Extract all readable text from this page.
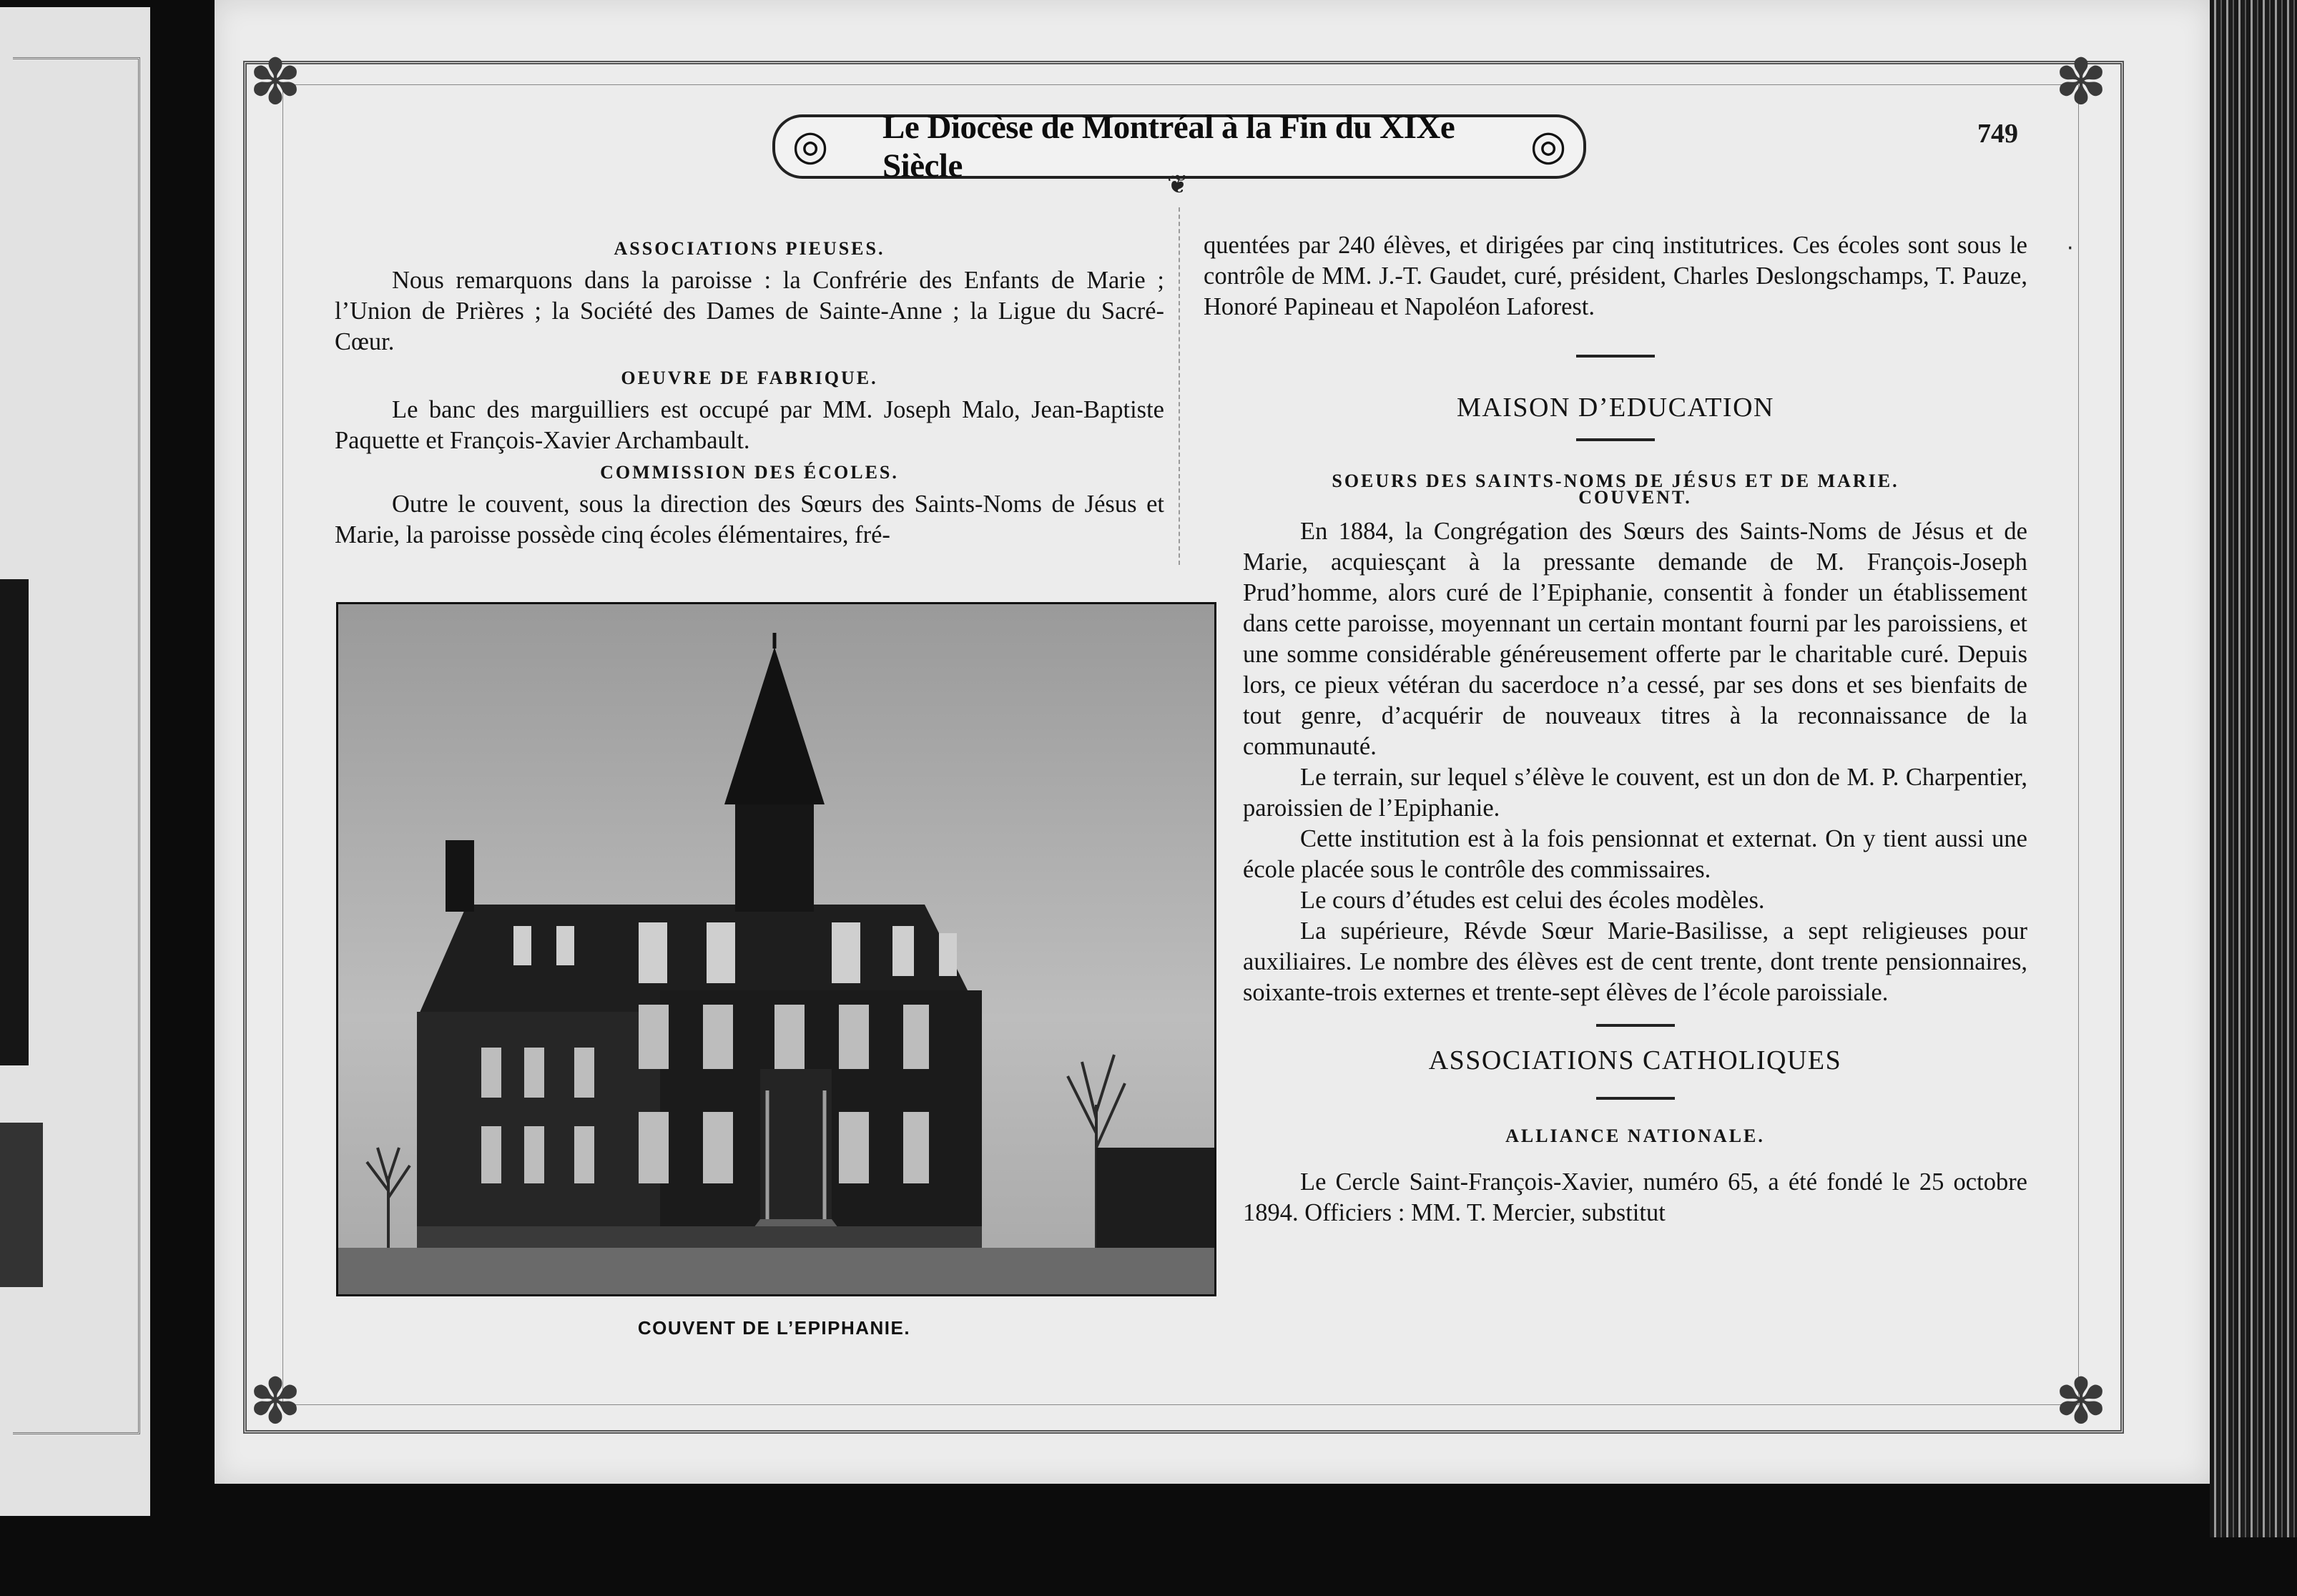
✽	✽
✽	✽
◎ Le Diocèse de Montréal à la Fin du XIXe Siècle	◎
❦
749

ASSOCIATIONS PIEUSES.

Nous remarquons dans la paroisse : la Confrérie des Enfants de Marie ; l’Union de Prières ; la Société des Dames de Sainte-Anne ; la Ligue du Sacré-Cœur.

OEUVRE DE FABRIQUE.

Le banc des marguilliers est occupé par MM. Joseph Malo, Jean-Baptiste Paquette et François-Xavier Archambault.

COMMISSION DES ÉCOLES.

Outre le couvent, sous la direction des Sœurs des Saints-Noms de Jésus et Marie, la paroisse possède cinq écoles élémentaires, fré-

quentées par 240 élèves, et dirigées par cinq institutrices. Ces écoles sont sous le contrôle de MM. J.-T. Gaudet, curé, président, Charles Deslongschamps, T. Pauze, Honoré Papineau et Napoléon Laforest.

MAISON D’EDUCATION

SOEURS DES SAINTS-NOMS DE JÉSUS ET DE MARIE.

COUVENT.

En 1884, la Congrégation des Sœurs des Saints-Noms de Jésus et de Marie, acquiesçant à la pressante demande de M. François-Joseph Prud’homme, alors curé de l’Epiphanie, consentit à fonder un établissement dans cette paroisse, moyennant un certain montant fourni par les paroissiens, et une somme considérable généreusement offerte par le charitable curé. Depuis lors, ce pieux vétéran du sacerdoce n’a cessé, par ses dons et ses bienfaits de tout genre, d’acquérir de nouveaux titres à la reconnaissance de la communauté.

Le terrain, sur lequel s’élève le couvent, est un don de M. P. Charpentier, paroissien de l’Epiphanie.

Cette institution est à la fois pensionnat et externat. On y tient aussi une école placée sous le contrôle des commissaires.

Le cours d’études est celui des écoles modèles.

La supérieure, Révde Sœur Marie-Basilisse, a sept religieuses pour auxiliaires. Le nombre des élèves est de cent trente, dont trente pensionnaires, soixante-trois externes et trente-sept élèves de l’école paroissiale.

ASSOCIATIONS CATHOLIQUES

ALLIANCE NATIONALE.

Le Cercle Saint-François-Xavier, numéro 65, a été fondé le 25 octobre 1894. Officiers : MM. T. Mercier, substitut

COUVENT DE L’EPIPHANIE.
·
